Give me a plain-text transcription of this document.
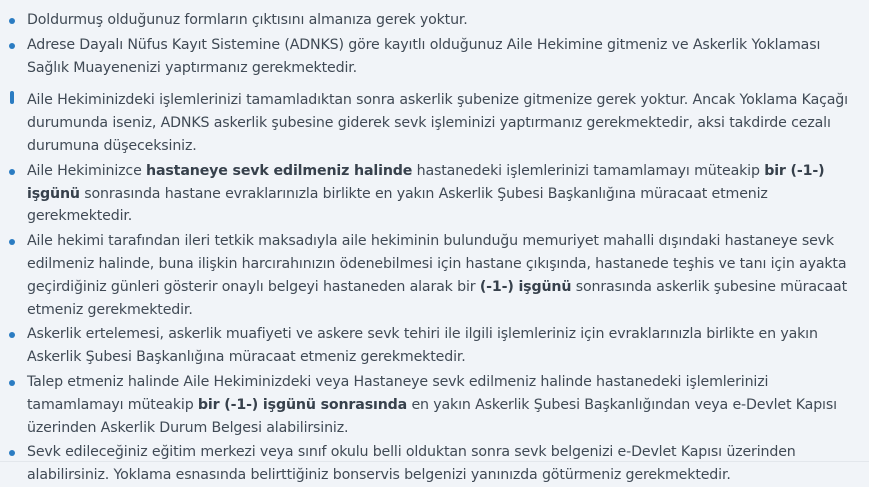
Doldurmuş olduğunuz formların çıktısını almanıza gerek yoktur.
Adrese Dayalı Nüfus Kayıt Sistemine (ADNKS) göre kayıtlı olduğunuz Aile Hekimine gitmeniz ve Askerlik Yoklaması Sağlık Muayenenizi yaptırmanız gerekmektedir.
Aile Hekiminizdeki işlemlerinizi tamamladıktan sonra askerlik şubenize gitmenize gerek yoktur. Ancak Yoklama Kaçağı durumunda iseniz, ADNKS askerlik şubesine giderek sevk işleminizi yaptırmanız gerekmektedir, aksi takdirde cezalı durumuna düşeceksiniz.
Aile Hekiminizce hastaneye sevk edilmeniz halinde hastanedeki işlemlerinizi tamamlamayı müteakip bir (-1-) işgünü sonrasında hastane evraklarınızla birlikte en yakın Askerlik Şubesi Başkanlığına müracaat etmeniz gerekmektedir.
Aile hekimi tarafından ileri tetkik maksadıyla aile hekiminin bulunduğu memuriyet mahalli dışındaki hastaneye sevk edilmeniz halinde, buna ilişkin harcırahınızın ödenebilmesi için hastane çıkışında, hastanede teşhis ve tanı için ayakta geçirdiğiniz günleri gösterir onaylı belgeyi hastaneden alarak bir (-1-) işgünü sonrasında askerlik şubesine müracaat etmeniz gerekmektedir.
Askerlik ertelemesi, askerlik muafiyeti ve askere sevk tehiri ile ilgili işlemleriniz için evraklarınızla birlikte en yakın Askerlik Şubesi Başkanlığına müracaat etmeniz gerekmektedir.
Talep etmeniz halinde Aile Hekiminizdeki veya Hastaneye sevk edilmeniz halinde hastanedeki işlemlerinizi tamamlamayı müteakip bir (-1-) işgünü sonrasında en yakın Askerlik Şubesi Başkanlığından veya e-Devlet Kapısı üzerinden Askerlik Durum Belgesi alabilirsiniz.
Sevk edileceğiniz eğitim merkezi veya sınıf okulu belli olduktan sonra sevk belgenizi e-Devlet Kapısı üzerinden alabilirsiniz. Yoklama esnasında belirttiğiniz bonservis belgenizi yanınızda götürmeniz gerekmektedir.
